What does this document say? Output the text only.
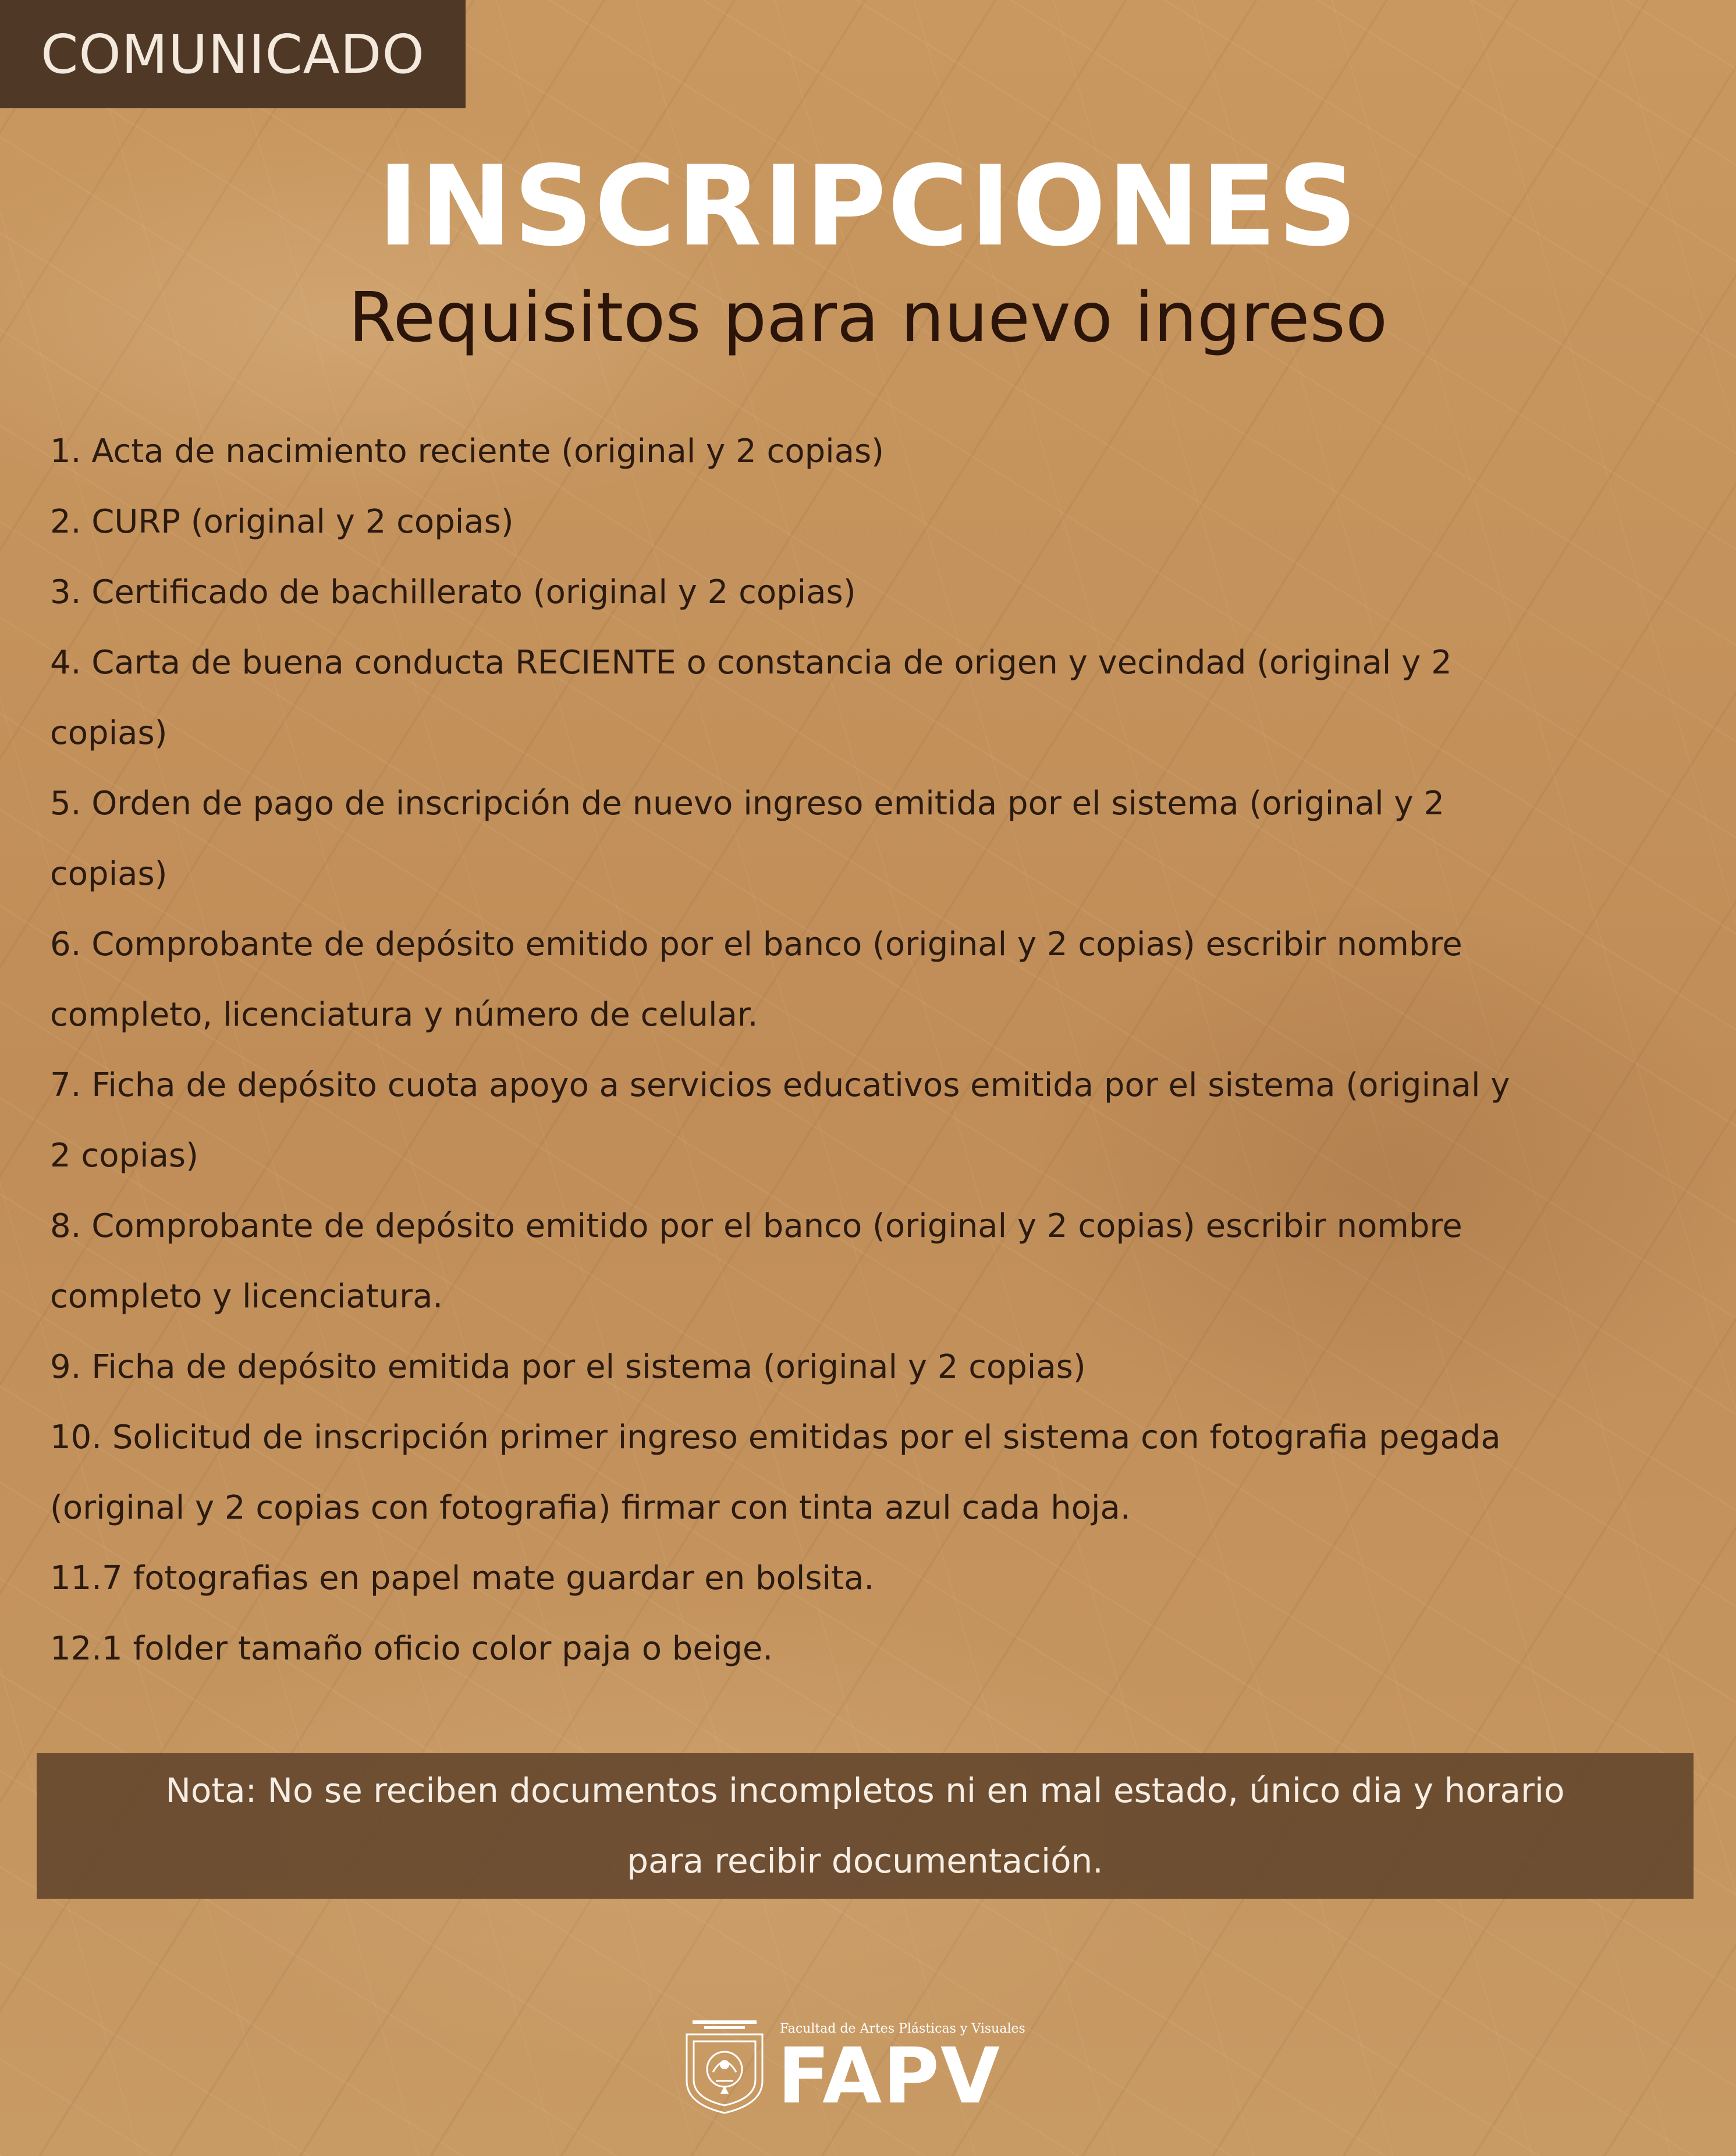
COMUNICADO
INSCRIPCIONES
Requisitos para nuevo ingreso
1. Acta de nacimiento reciente (original y 2 copias)
2. CURP (original y 2 copias)
3. Certificado de bachillerato (original y 2 copias)
4. Carta de buena conducta RECIENTE o constancia de origen y vecindad (original y 2
copias)
5. Orden de pago de inscripción de nuevo ingreso emitida por el sistema (original y 2
copias)
6. Comprobante de depósito emitido por el banco (original y 2 copias) escribir nombre
completo, licenciatura y número de celular.
7. Ficha de depósito cuota apoyo a servicios educativos emitida por el sistema (original y
2 copias)
8. Comprobante de depósito emitido por el banco (original y 2 copias) escribir nombre
completo y licenciatura.
9. Ficha de depósito emitida por el sistema (original y 2 copias)
10. Solicitud de inscripción primer ingreso emitidas por el sistema con fotografia pegada
(original y 2 copias con fotografia) firmar con tinta azul cada hoja.
11.7 fotografias en papel mate guardar en bolsita.
12.1 folder tamaño oficio color paja o beige.

Nota: No se reciben documentos incompletos ni en mal estado, único dia y horario
para recibir documentación.

Facultad de Artes Plásticas y Visuales
FAPV
